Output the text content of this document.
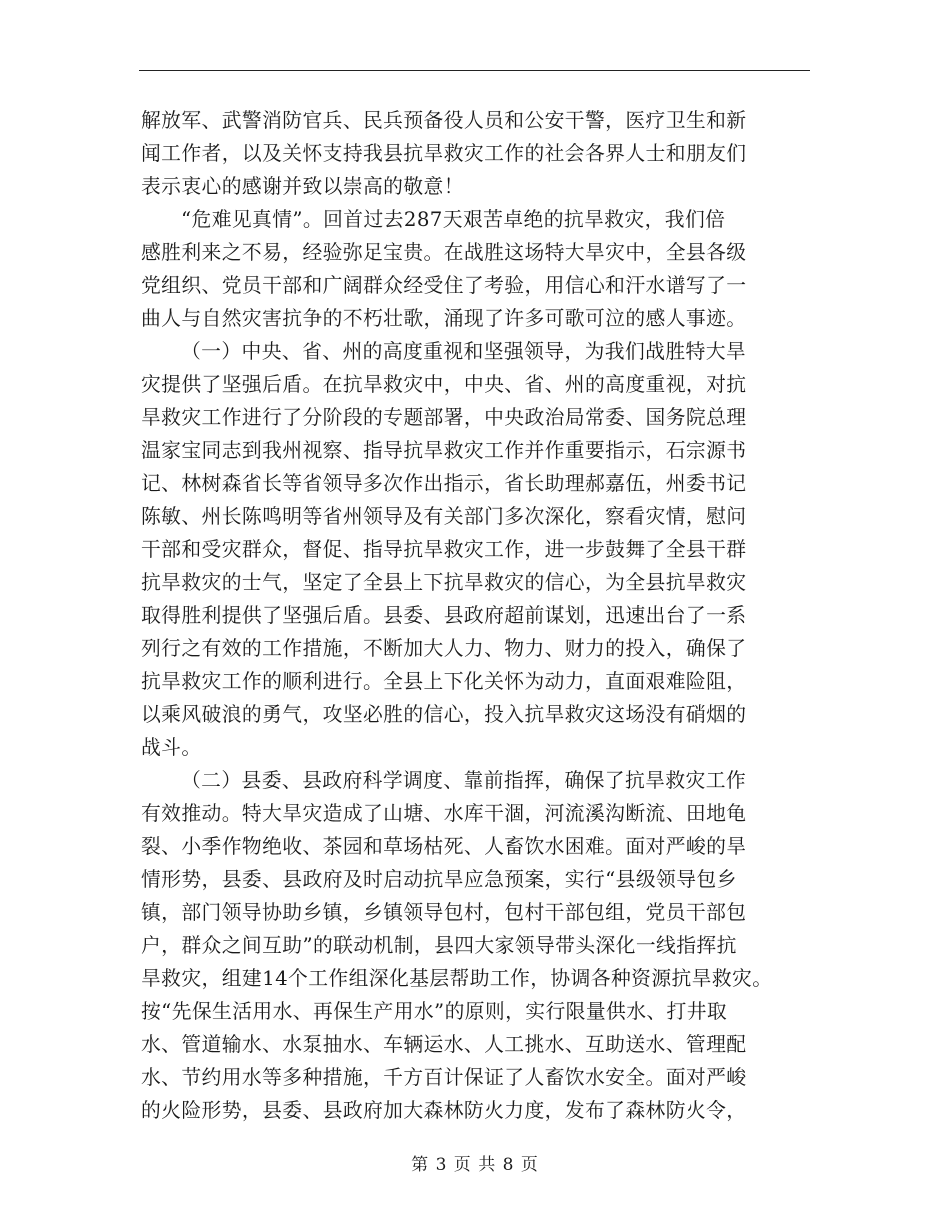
解放军、武警消防官兵、民兵预备役人员和公安干警，医疗卫生和新
闻工作者，以及关怀支持我县抗旱救灾工作的社会各界人士和朋友们
表示衷心的感谢并致以崇高的敬意！
“危难见真情”。回首过去287天艰苦卓绝的抗旱救灾，我们倍
感胜利来之不易，经验弥足宝贵。在战胜这场特大旱灾中，全县各级
党组织、党员干部和广阔群众经受住了考验，用信心和汗水谱写了一
曲人与自然灾害抗争的不朽壮歌，涌现了许多可歌可泣的感人事迹。
（一）中央、省、州的高度重视和坚强领导，为我们战胜特大旱
灾提供了坚强后盾。在抗旱救灾中，中央、省、州的高度重视，对抗
旱救灾工作进行了分阶段的专题部署，中央政治局常委、国务院总理
温家宝同志到我州视察、指导抗旱救灾工作并作重要指示，石宗源书
记、林树森省长等省领导多次作出指示，省长助理郝嘉伍，州委书记
陈敏、州长陈鸣明等省州领导及有关部门多次深化，察看灾情，慰问
干部和受灾群众，督促、指导抗旱救灾工作，进一步鼓舞了全县干群
抗旱救灾的士气，坚定了全县上下抗旱救灾的信心，为全县抗旱救灾
取得胜利提供了坚强后盾。县委、县政府超前谋划，迅速出台了一系
列行之有效的工作措施，不断加大人力、物力、财力的投入，确保了
抗旱救灾工作的顺利进行。全县上下化关怀为动力，直面艰难险阻，
以乘风破浪的勇气，攻坚必胜的信心，投入抗旱救灾这场没有硝烟的
战斗。
（二）县委、县政府科学调度、靠前指挥，确保了抗旱救灾工作
有效推动。特大旱灾造成了山塘、水库干涸，河流溪沟断流、田地龟
裂、小季作物绝收、茶园和草场枯死、人畜饮水困难。面对严峻的旱
情形势，县委、县政府及时启动抗旱应急预案，实行“县级领导包乡
镇，部门领导协助乡镇，乡镇领导包村，包村干部包组，党员干部包
户，群众之间互助”的联动机制，县四大家领导带头深化一线指挥抗
旱救灾，组建14个工作组深化基层帮助工作，协调各种资源抗旱救灾。
按“先保生活用水、再保生产用水”的原则，实行限量供水、打井取
水、管道输水、水泵抽水、车辆运水、人工挑水、互助送水、管理配
水、节约用水等多种措施，千方百计保证了人畜饮水安全。面对严峻
的火险形势，县委、县政府加大森林防火力度，发布了森林防火令，
第 3 页 共 8 页
